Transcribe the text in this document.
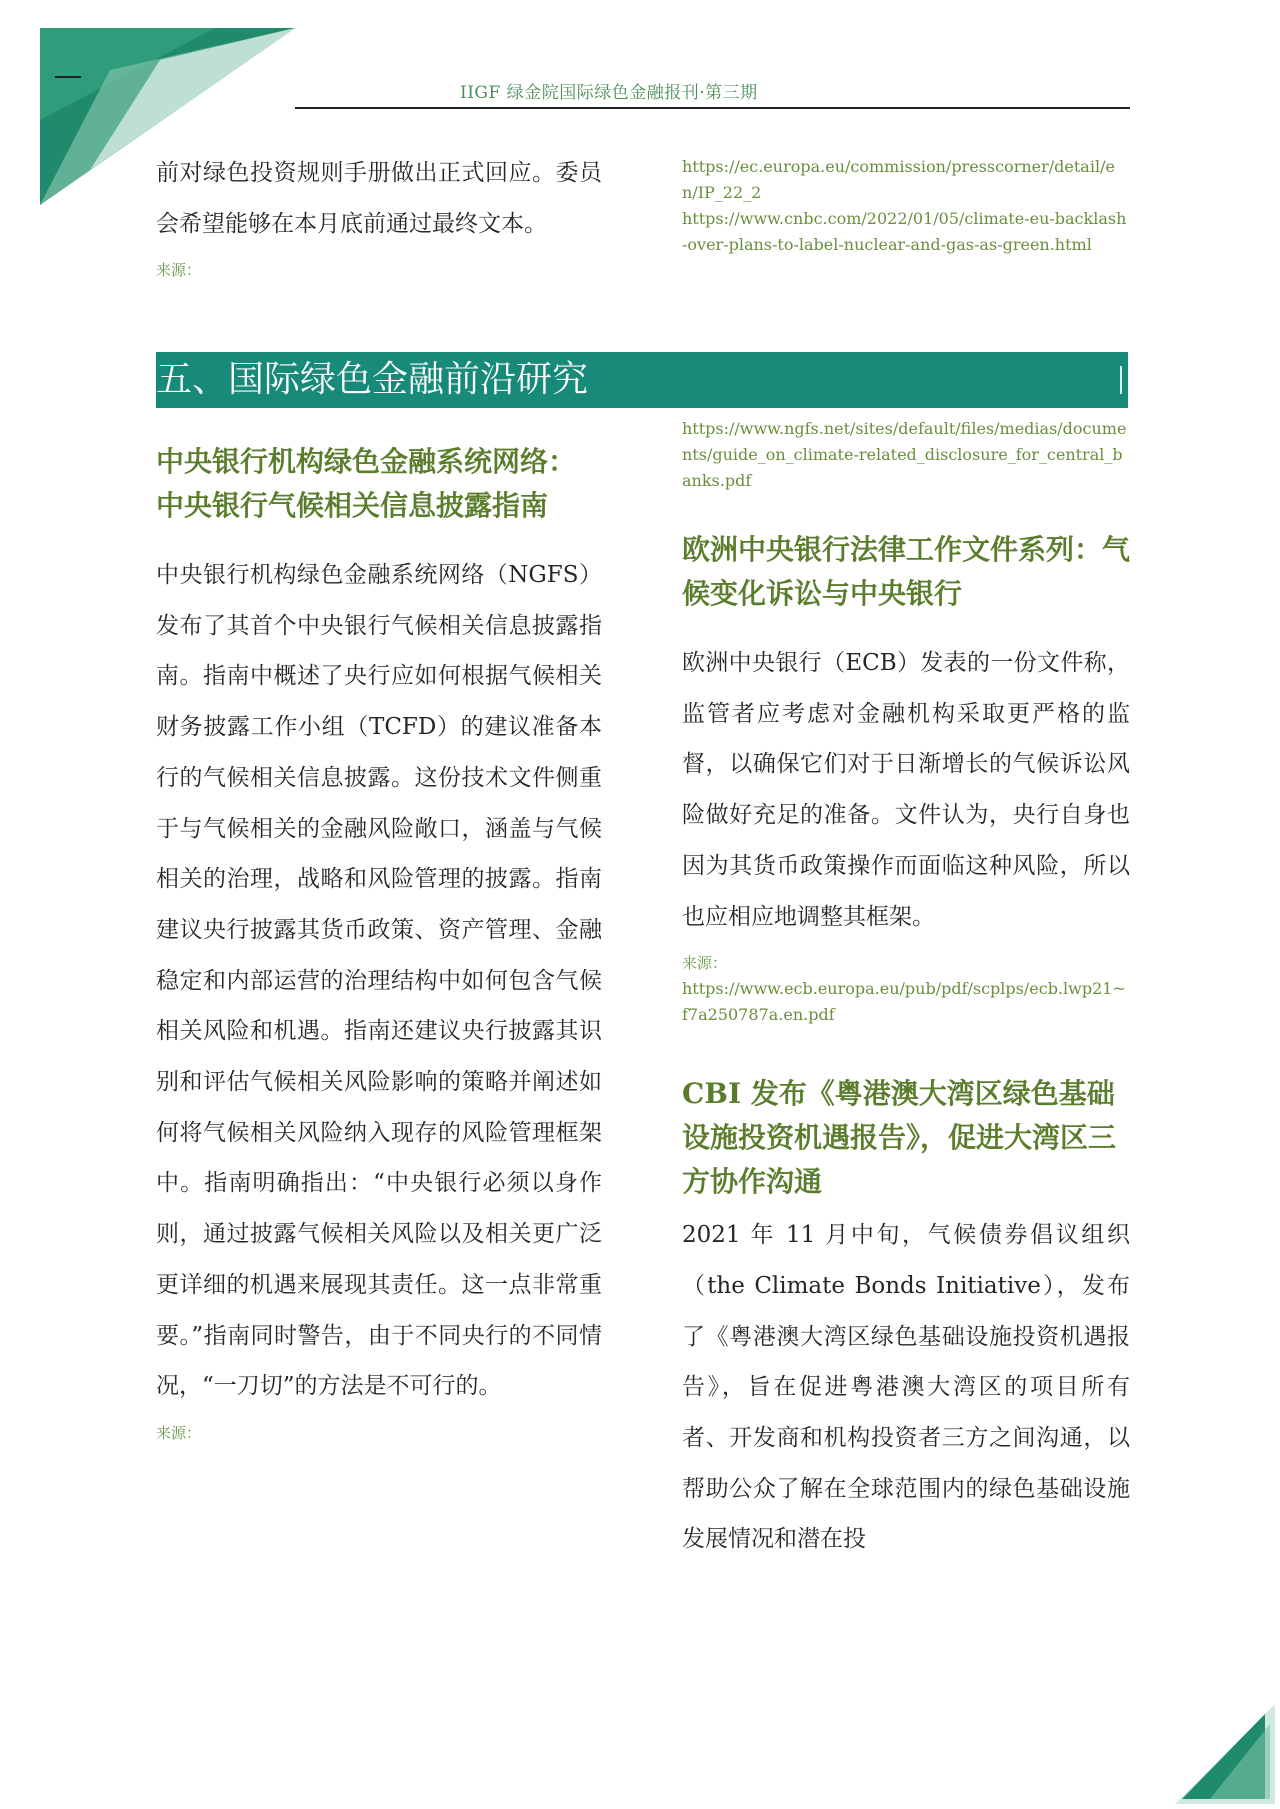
IIGF 绿金院国际绿色金融报刊·第三期

前对绿色投资规则手册做出正式回应。委员会希望能够在本月底前通过最终文本。

来源：

https://ec.europa.eu/commission/presscorner/detail/en/IP_22_2

https://www.cnbc.com/2022/01/05/climate-eu-backlash-over-plans-to-label-nuclear-and-gas-as-green.html

五、国际绿色金融前沿研究
中央银行机构绿色金融系统网络：中央银行气候相关信息披露指南

中央银行机构绿色金融系统网络（NGFS）发布了其首个中央银行气候相关信息披露指南。指南中概述了央行应如何根据气候相关财务披露工作小组（TCFD）的建议准备本行的气候相关信息披露。这份技术文件侧重于与气候相关的金融风险敞口，涵盖与气候相关的治理，战略和风险管理的披露。指南建议央行披露其货币政策、资产管理、金融稳定和内部运营的治理结构中如何包含气候相关风险和机遇。指南还建议央行披露其识别和评估气候相关风险影响的策略并阐述如何将气候相关风险纳入现存的风险管理框架中。指南明确指出：“中央银行必须以身作则，通过披露气候相关风险以及相关更广泛更详细的机遇来展现其责任。这一点非常重要。”指南同时警告，由于不同央行的不同情况，“一刀切”的方法是不可行的。

来源：

https://www.ngfs.net/sites/default/files/medias/documents/guide_on_climate-related_disclosure_for_central_banks.pdf

欧洲中央银行法律工作文件系列：气候变化诉讼与中央银行

欧洲中央银行（ECB）发表的一份文件称，监管者应考虑对金融机构采取更严格的监督，以确保它们对于日渐增长的气候诉讼风险做好充足的准备。文件认为，央行自身也因为其货币政策操作而面临这种风险，所以也应相应地调整其框架。

来源：

https://www.ecb.europa.eu/pub/pdf/scplps/ecb.lwp21~f7a250787a.en.pdf

CBI 发布《粤港澳大湾区绿色基础设施投资机遇报告》，促进大湾区三方协作沟通

2021 年 11 月中旬，气候债券倡议组织（the Climate Bonds Initiative），发布了《粤港澳大湾区绿色基础设施投资机遇报告》，旨在促进粤港澳大湾区的项目所有者、开发商和机构投资者三方之间沟通，以帮助公众了解在全球范围内的绿色基础设施发展情况和潜在投
